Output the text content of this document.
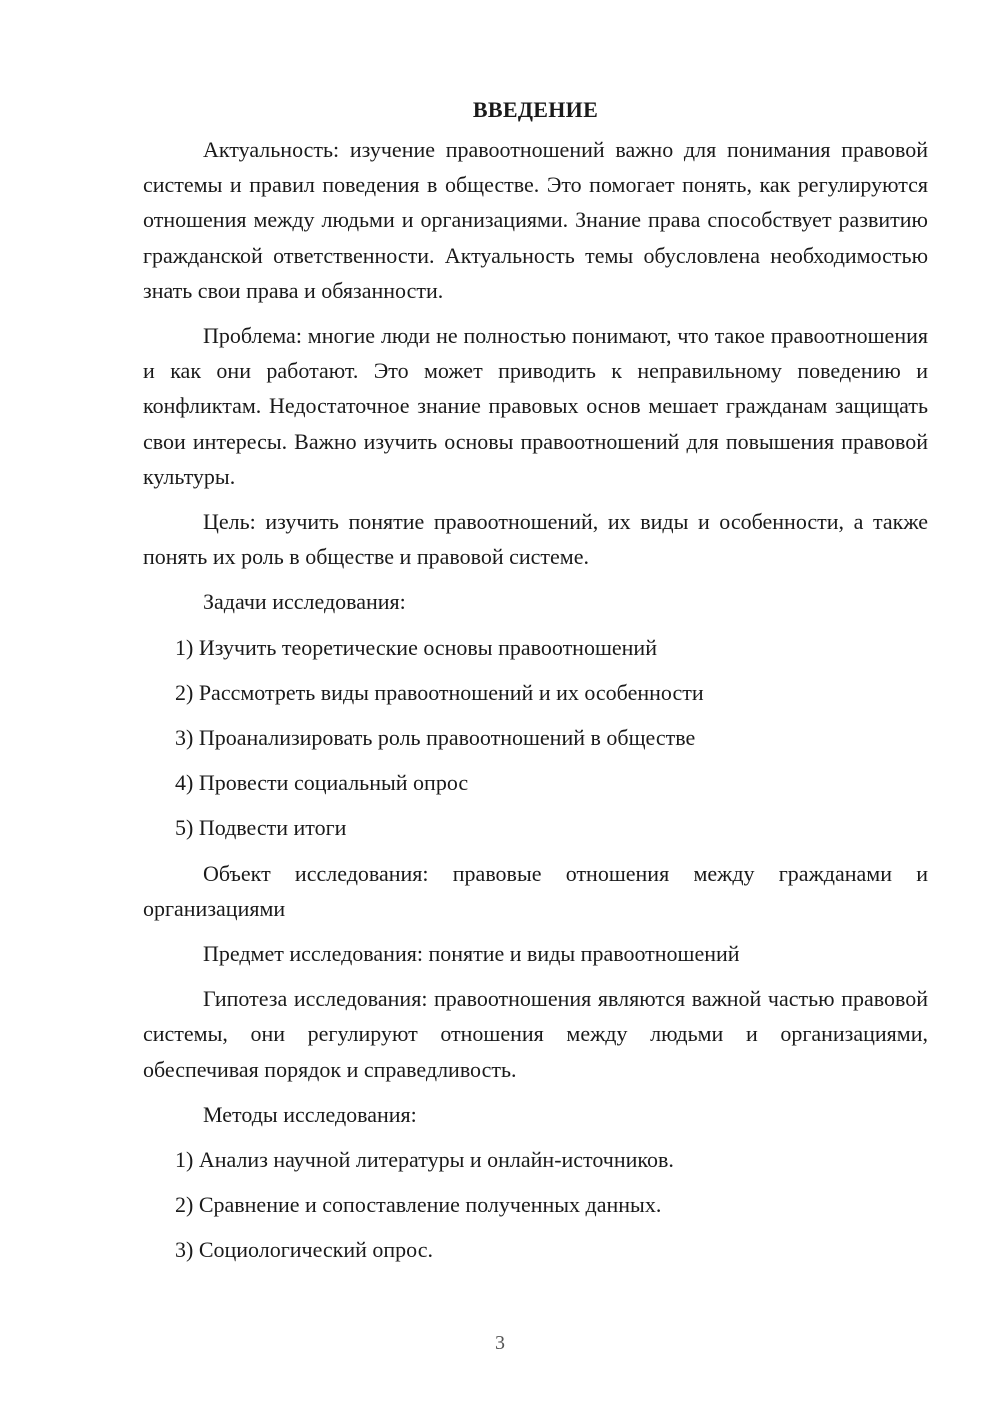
ВВЕДЕНИЕ

Актуальность: изучение правоотношений важно для понимания правовой системы и правил поведения в обществе. Это помогает понять, как регулируются отношения между людьми и организациями. Знание права способствует развитию гражданской ответственности. Актуальность темы обусловлена необходимостью знать свои права и обязанности.

Проблема: многие люди не полностью понимают, что такое правоотношения и как они работают. Это может приводить к неправильному поведению и конфликтам. Недостаточное знание правовых основ мешает гражданам защищать свои интересы. Важно изучить основы правоотношений для повышения правовой культуры.

Цель: изучить понятие правоотношений, их виды и особенности, а также понять их роль в обществе и правовой системе.

Задачи исследования:

1) Изучить теоретические основы правоотношений
2) Рассмотреть виды правоотношений и их особенности
3) Проанализировать роль правоотношений в обществе
4) Провести социальный опрос
5) Подвести итоги

Объект исследования: правовые отношения между гражданами и организациями

Предмет исследования: понятие и виды правоотношений

Гипотеза исследования: правоотношения являются важной частью правовой системы, они регулируют отношения между людьми и организациями, обеспечивая порядок и справедливость.

Методы исследования:

1) Анализ научной литературы и онлайн-источников.
2) Сравнение и сопоставление полученных данных.
3) Социологический опрос.
3
